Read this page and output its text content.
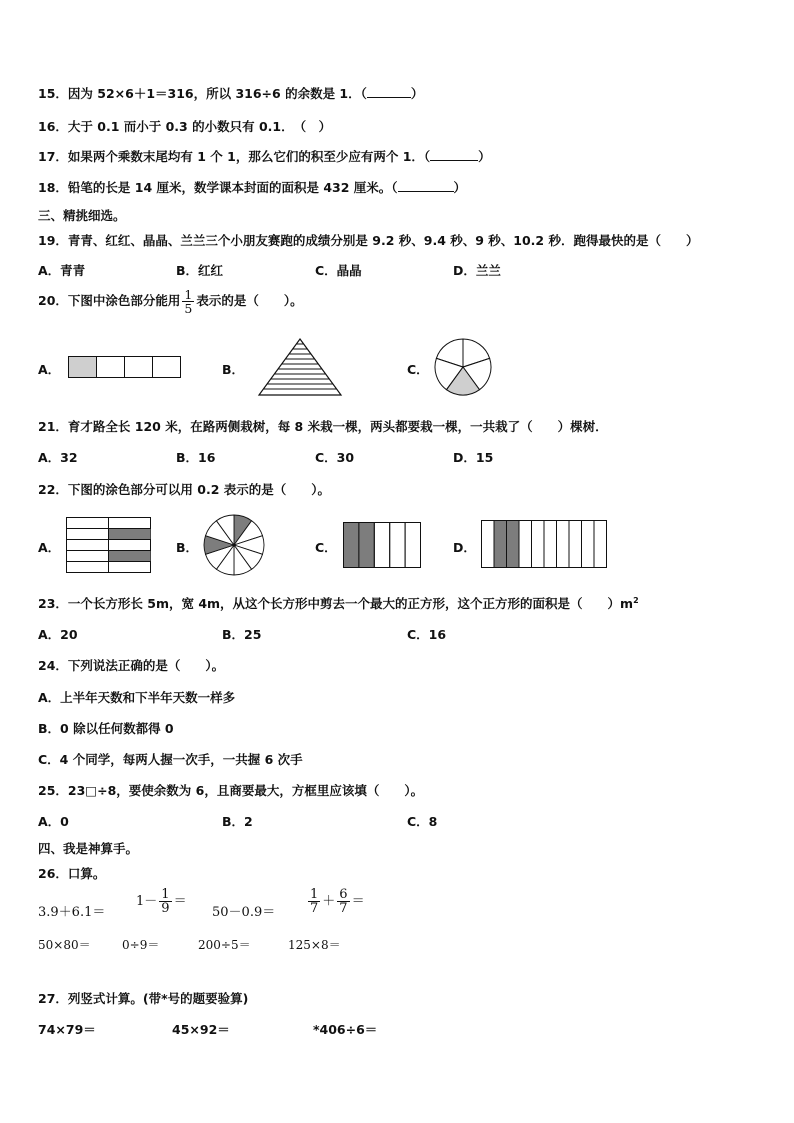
15．因为 52×6＋1＝316，所以 316÷6 的余数是 1．（	）
16．大于 0.1 而小于 0.3 的小数只有 0.1．　（　）
17．如果两个乘数末尾均有 1 个 1，那么它们的积至少应有两个 1．（	）
18．铅笔的长是 14 厘米，数学课本封面的面积是 432 厘米。（	）
三、精挑细选。
19．青青、红红、晶晶、兰兰三个小朋友赛跑的成绩分别是 9.2 秒、9.4 秒、9 秒、10.2 秒．跑得最快的是（　　）
A．青青	B．红红	C．晶晶	D．兰兰
20．下图中涂色部分能用 $\frac{1}{5}$ 表示的是（　　）。
A．	B．	C．
21．育才路全长 120 米，在路两侧栽树，每 8 米栽一棵，两头都要栽一棵，一共栽了（　　）棵树．
A．32	B．16	C．30	D．15
22．下图的涂色部分可以用 0.2 表示的是（　　）。
A．	B．	C．	D．
23．一个长方形长 5m，宽 4m，从这个长方形中剪去一个最大的正方形，这个正方形的面积是（　　）$m^2$
A．20	B．25	C．16
24．下列说法正确的是（　　）。
A．上半年天数和下半年天数一样多
B．0 除以任何数都得 0
C．4 个同学，每两人握一次手，一共握 6 次手
25．23□÷8，要使余数为 6，且商要最大，方框里应该填（　　）。
A．0	B．2	C．8
四、我是神算手。
26．口算。
3.9＋6.1＝
$1- \frac{1}{9}$ ＝
50－0.9＝	$\frac{1}{7} + \frac{6}{7}$ ＝
50×80＝	0÷9＝	200÷5＝	125×8＝
27．列竖式计算。(带*号的题要验算)
74×79＝	45×92＝	*406÷6＝
